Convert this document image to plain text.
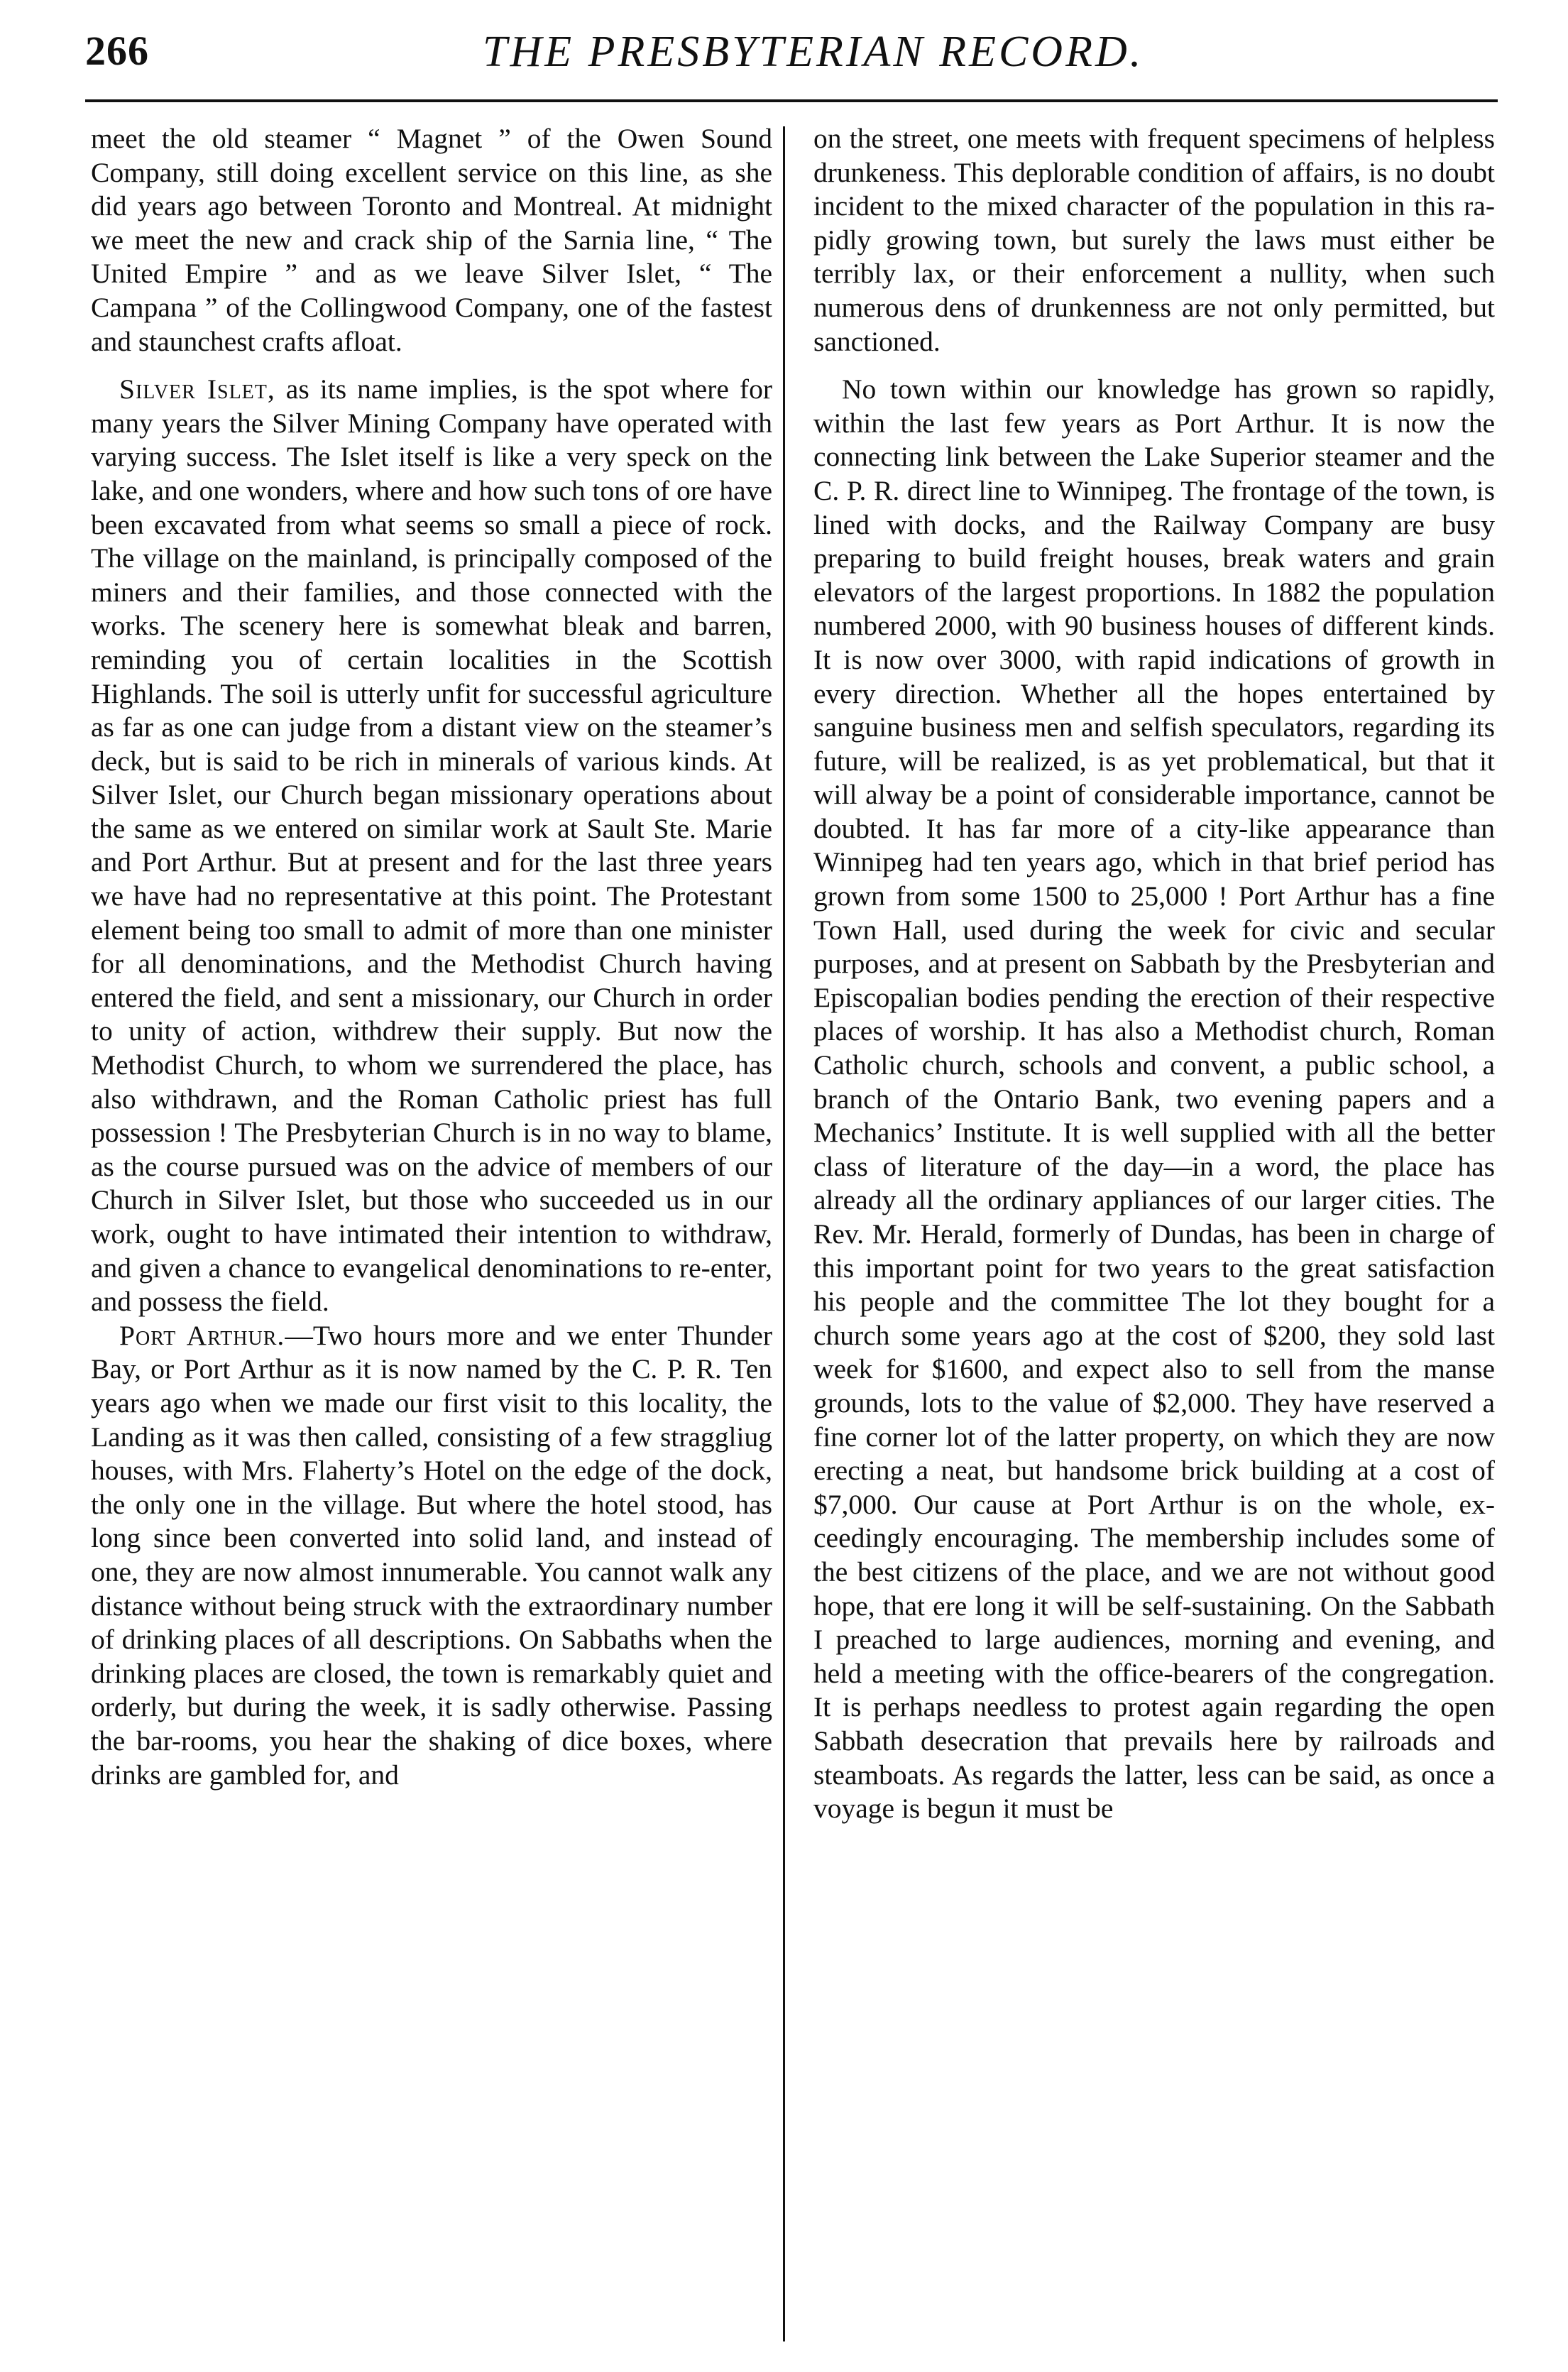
266	THE PRESBYTERIAN RECORD.

meet the old steamer “ Magnet ” of the Owen Sound Company, still doing excellent service on this line, as she did years ago between Toronto and Montreal. At midnight we meet the new and crack ship of the Sarnia line, “ The United Empire ” and as we leave Silver Islet, “ The Campana ” of the Collingwood Company, one of the fastest and staunchest crafts afloat.

Silver Islet, as its name implies, is the spot where for many years the Silver Mining Company have operated with varying success. The Islet itself is like a very speck on the lake, and one wonders, where and how such tons of ore have been excavated from what seems so small a piece of rock. The village on the mainland, is principally composed of the miners and their families, and those connected with the works. The scenery here is somewhat bleak and barren, reminding you of certain localities in the Scottish Highlands. The soil is utterly unfit for successful agriculture as far as one can judge from a distant view on the steamer’s deck, but is said to be rich in minerals of various kinds. At Silver Islet, our Church began missionary operations about the same as we entered on similar work at Sault Ste. Marie and Port Arthur. But at present and for the last three years we have had no representative at this point. The Protestant element being too small to admit of more than one minister for all denominations, and the Methodist Church having entered the field, and sent a missionary, our Church in order to unity of action, withdrew their supply. But now the Methodist Church, to whom we surrendered the place, has also withdrawn, and the Roman Catholic priest has full possession ! The Presbyterian Church is in no way to blame, as the course pursued was on the advice of members of our Church in Silver Islet, but those who succeeded us in our work, ought to have intimated their intention to withdraw, and given a chance to evangelical denominations to re-enter, and possess the field.

Port Arthur.—Two hours more and we enter Thunder Bay, or Port Arthur as it is now named by the C. P. R. Ten years ago when we made our first visit to this locality, the Landing as it was then called, consisting of a few straggliug houses, with Mrs. Flaherty’s Hotel on the edge of the dock, the only one in the village. But where the hotel stood, has long since been converted into solid land, and instead of one, they are now almost innumerable. You cannot walk any distance without being struck with the extraordinary number of drinking places of all descriptions. On Sabbaths when the drinking places are closed, the town is remarkably quiet and orderly, but during the week, it is sadly otherwise. Passing the bar-rooms, you hear the shaking of dice boxes, where drinks are gambled for, and

on the street, one meets with frequent specimens of helpless drunkeness. This deplorable condition of affairs, is no doubt incident to the mixed character of the population in this rapidly growing town, but surely the laws must either be terribly lax, or their enforcement a nullity, when such numerous dens of drunkenness are not only permitted, but sanctioned.

No town within our knowledge has grown so rapidly, within the last few years as Port Arthur. It is now the connecting link between the Lake Superior steamer and the C. P. R. direct line to Winnipeg. The frontage of the town, is lined with docks, and the Railway Company are busy preparing to build freight houses, break waters and grain elevators of the largest proportions. In 1882 the population numbered 2000, with 90 business houses of different kinds. It is now over 3000, with rapid indications of growth in every direction. Whether all the hopes entertained by sanguine business men and selfish speculators, regarding its future, will be realized, is as yet problematical, but that it will alway be a point of considerable importance, cannot be doubted. It has far more of a city-like appearance than Winnipeg had ten years ago, which in that brief period has grown from some 1500 to 25,000 ! Port Arthur has a fine Town Hall, used during the week for civic and secular purposes, and at present on Sabbath by the Presbyterian and Episcopalian bodies pending the erection of their respective places of worship. It has also a Methodist church, Roman Catholic church, schools and convent, a public school, a branch of the Ontario Bank, two evening papers and a Mechanics’ Institute. It is well supplied with all the better class of literature of the day—in a word, the place has already all the ordinary appliances of our larger cities. The Rev. Mr. Herald, formerly of Dundas, has been in charge of this important point for two years to the great satisfaction his people and the committee The lot they bought for a church some years ago at the cost of $200, they sold last week for $1600, and expect also to sell from the manse grounds, lots to the value of $2,000. They have reserved a fine corner lot of the latter property, on which they are now erecting a neat, but handsome brick building at a cost of $7,000. Our cause at Port Arthur is on the whole, exceedingly encouraging. The membership includes some of the best citizens of the place, and we are not without good hope, that ere long it will be self-sustaining. On the Sabbath I preached to large audiences, morning and evening, and held a meeting with the office-bearers of the congregation. It is perhaps needless to protest again regarding the open Sabbath desecration that prevails here by railroads and steamboats. As regards the latter, less can be said, as once a voyage is begun it must be
